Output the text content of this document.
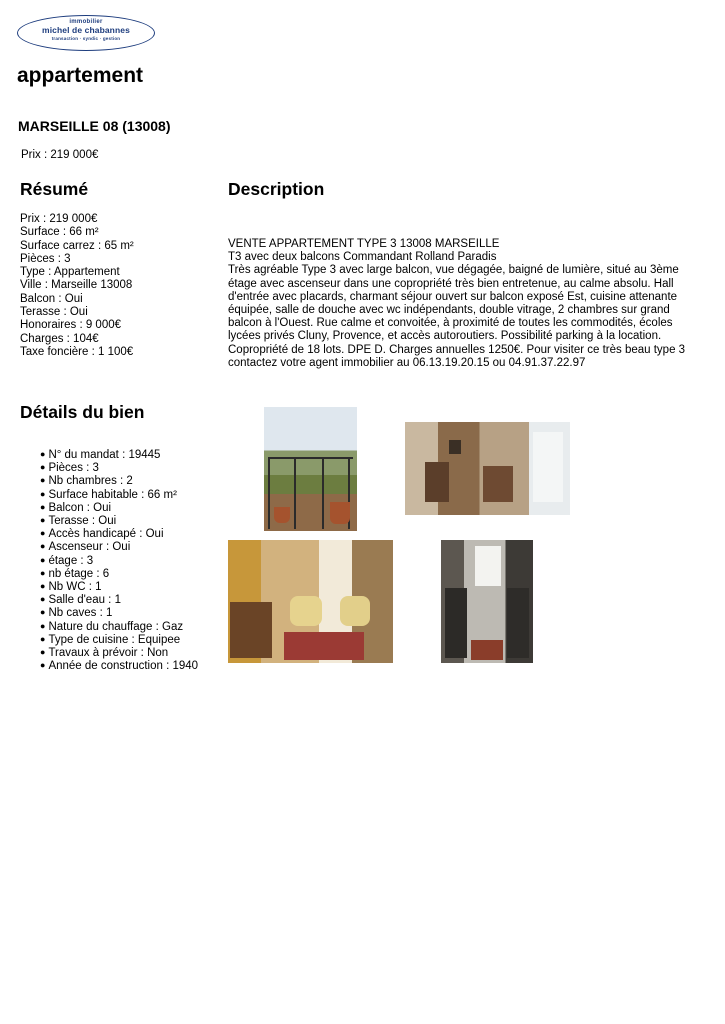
immobilier
michel de chabannes
transaction · syndic · gestion
appartement
MARSEILLE 08 (13008)
Prix : 219 000€
Résumé	Description
Prix : 219 000€
Surface : 66 m²
Surface carrez : 65 m²
Pièces : 3
Type : Appartement
Ville : Marseille 13008
Balcon : Oui
Terasse : Oui
Honoraires : 9 000€
Charges : 104€
Taxe foncière : 1 100€

VENTE APPARTEMENT TYPE 3 13008 MARSEILLE

T3 avec deux balcons Commandant Rolland Paradis

Très agréable Type 3 avec large balcon, vue dégagée, baigné de lumière, situé au 3ème étage avec ascenseur dans une copropriété très bien entretenue, au calme absolu. Hall d'entrée avec placards, charmant séjour ouvert sur balcon exposé Est, cuisine attenante équipée, salle de douche avec wc indépendants, double vitrage, 2 chambres sur grand balcon à l'Ouest. Rue calme et convoitée, à proximité de toutes les commodités, écoles lycées privés Cluny, Provence, et accès autoroutiers. Possibilité parking à la location. Copropriété de 18 lots. DPE D. Charges annuelles 1250€. Pour visiter ce très beau type 3 contactez votre agent immobilier au 06.13.19.20.15 ou 04.91.37.22.97

Détails du bien
● N° du mandat : 19445
● Pièces : 3
● Nb chambres : 2
● Surface habitable : 66 m²
● Balcon : Oui
● Terasse : Oui
● Accès handicapé : Oui
● Ascenseur : Oui
● étage : 3
● nb étage : 6
● Nb WC : 1
● Salle d'eau : 1
● Nb caves : 1
● Nature du chauffage : Gaz
● Type de cuisine : Equipee
● Travaux à prévoir : Non
● Année de construction : 1940
